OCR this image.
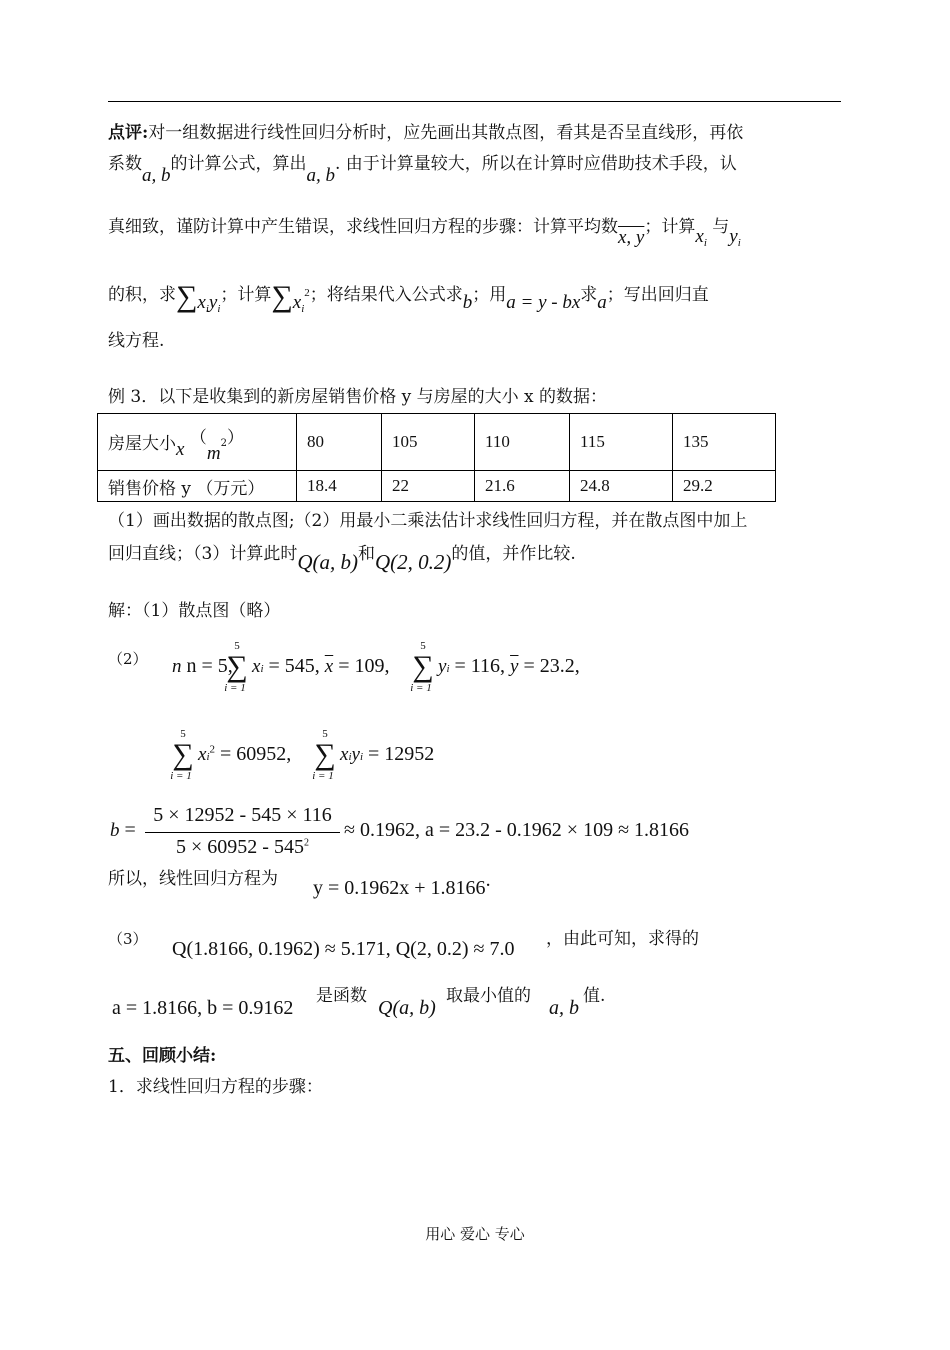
点评:对一组数据进行线性回归分析时，应先画出其散点图，看其是否呈直线形，再依
系数a, b的计算公式，算出a, b. 由于计算量较大，所以在计算时应借助技术手段，认
真细致，谨防计算中产生错误，求线性回归方程的步骤：计算平均数x, y；计算$x_i$ 与$y_i$
的积，求$\sum x_iy_i$；计算$\sum x_i^2$；将结果代入公式求b；用a = y - bx求a；写出回归直
线方程.
例 3．以下是收集到的新房屋销售价格 y 与房屋的大小 x 的数据：
房屋大小x $(m^2)$	80	105	110	115	135
销售价格 y （万元）	18.4	22	21.6	24.8	29.2
（1）画出数据的散点图;（2）用最小二乘法估计求线性回归方程，并在散点图中加上
回归直线；（3）计算此时Q(a, b)和Q(2, 0.2)的值，并作比较.
解：（1）散点图（略）
（2） n n = 5,
5
∑
i = 1
xi = 545, $\overline{x} = 109$,
5
∑
i = 1
yi = 116, $\overline{y} = 23.2$,
5
∑
i = 1
$xi^2 = 60952$,
5
∑
i = 1
xiyi = 12952
b =
5 × 12952 - 545 × 116
$5 \times 60952 - 545^2$
≈ 0.1962, a = 23.2 - 0.1962 × 109 ≈ 1.8166
所以，线性回归方程为 y = 0.1962x + 1.8166.
（3） Q(1.8166, 0.1962) ≈ 5.171, Q(2, 0.2) ≈ 7.0 ，由此可知，求得的
a = 1.8166, b = 0.9162
是函数
Q(a, b)
取最小值的
a, b
值.
五、回顾小结:
1．求线性回归方程的步骤：
用心 爱心 专心
